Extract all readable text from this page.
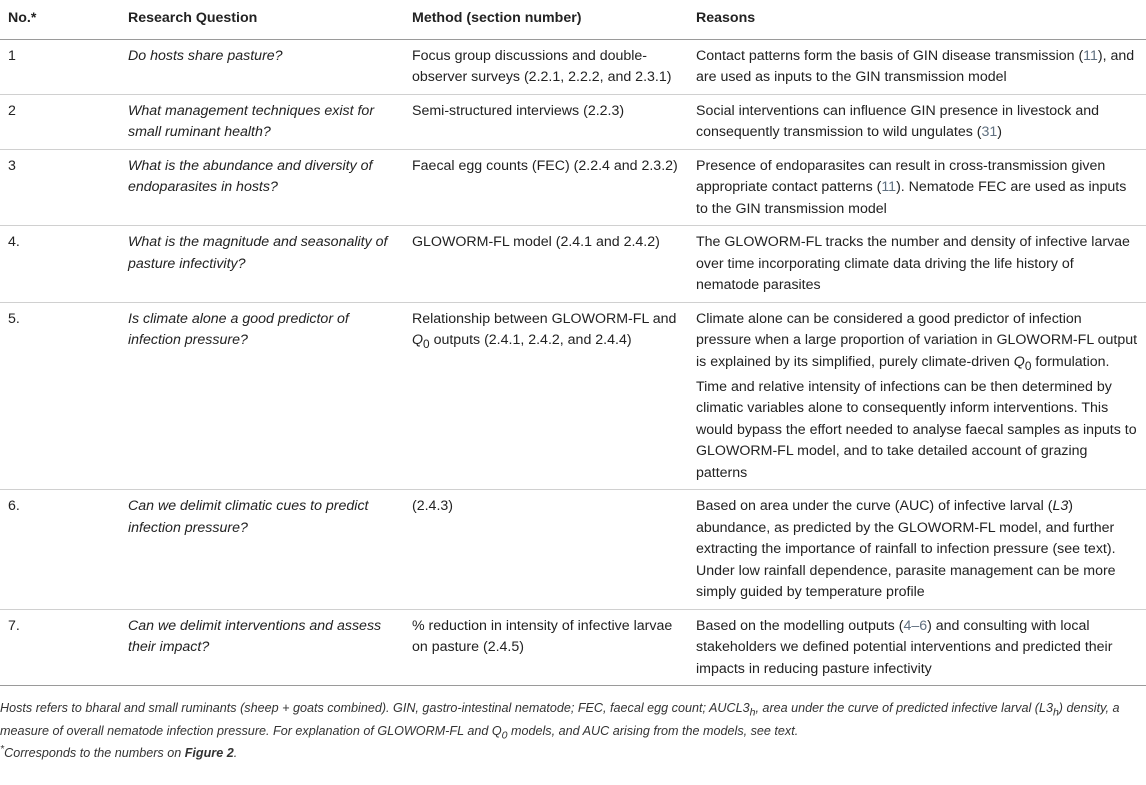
No.*	Research Question	Method (section number)	Reasons
1	Do hosts share pasture?	Focus group discussions and double-observer surveys (2.2.1, 2.2.2, and 2.3.1)	Contact patterns form the basis of GIN disease transmission (11), and are used as inputs to the GIN transmission model
2	What management techniques exist for small ruminant health?	Semi-structured interviews (2.2.3)	Social interventions can influence GIN presence in livestock and consequently transmission to wild ungulates (31)
3	What is the abundance and diversity of endoparasites in hosts?	Faecal egg counts (FEC) (2.2.4 and 2.3.2)	Presence of endoparasites can result in cross-transmission given appropriate contact patterns (11). Nematode FEC are used as inputs to the GIN transmission model
4.	What is the magnitude and seasonality of pasture infectivity?	GLOWORM-FL model (2.4.1 and 2.4.2)	The GLOWORM-FL tracks the number and density of infective larvae over time incorporating climate data driving the life history of nematode parasites
5.	Is climate alone a good predictor of infection pressure?	Relationship between GLOWORM-FL and $Q_0$ outputs (2.4.1, 2.4.2, and 2.4.4)	Climate alone can be considered a good predictor of infection pressure when a large proportion of variation in GLOWORM-FL output is explained by its simplified, purely climate-driven $Q_0$ formulation. Time and relative intensity of infections can be then determined by climatic variables alone to consequently inform interventions. This would bypass the effort needed to analyse faecal samples as inputs to GLOWORM-FL model, and to take detailed account of grazing patterns
6.	Can we delimit climatic cues to predict infection pressure?	(2.4.3)	Based on area under the curve (AUC) of infective larval (L3) abundance, as predicted by the GLOWORM-FL model, and further extracting the importance of rainfall to infection pressure (see text). Under low rainfall dependence, parasite management can be more simply guided by temperature profile
7.	Can we delimit interventions and assess their impact?	% reduction in intensity of infective larvae on pasture (2.4.5)	Based on the modelling outputs (4–6) and consulting with local stakeholders we defined potential interventions and predicted their impacts in reducing pasture infectivity
Hosts refers to bharal and small ruminants (sheep + goats combined). GIN, gastro-intestinal nematode; FEC, faecal egg count; $AUCL3_h$, area under the curve of predicted infective larval $(L3_h)$ density, a measure of overall nematode infection pressure. For explanation of GLOWORM-FL and $Q_0$ models, and AUC arising from the models, see text.
*Corresponds to the numbers on Figure 2.
